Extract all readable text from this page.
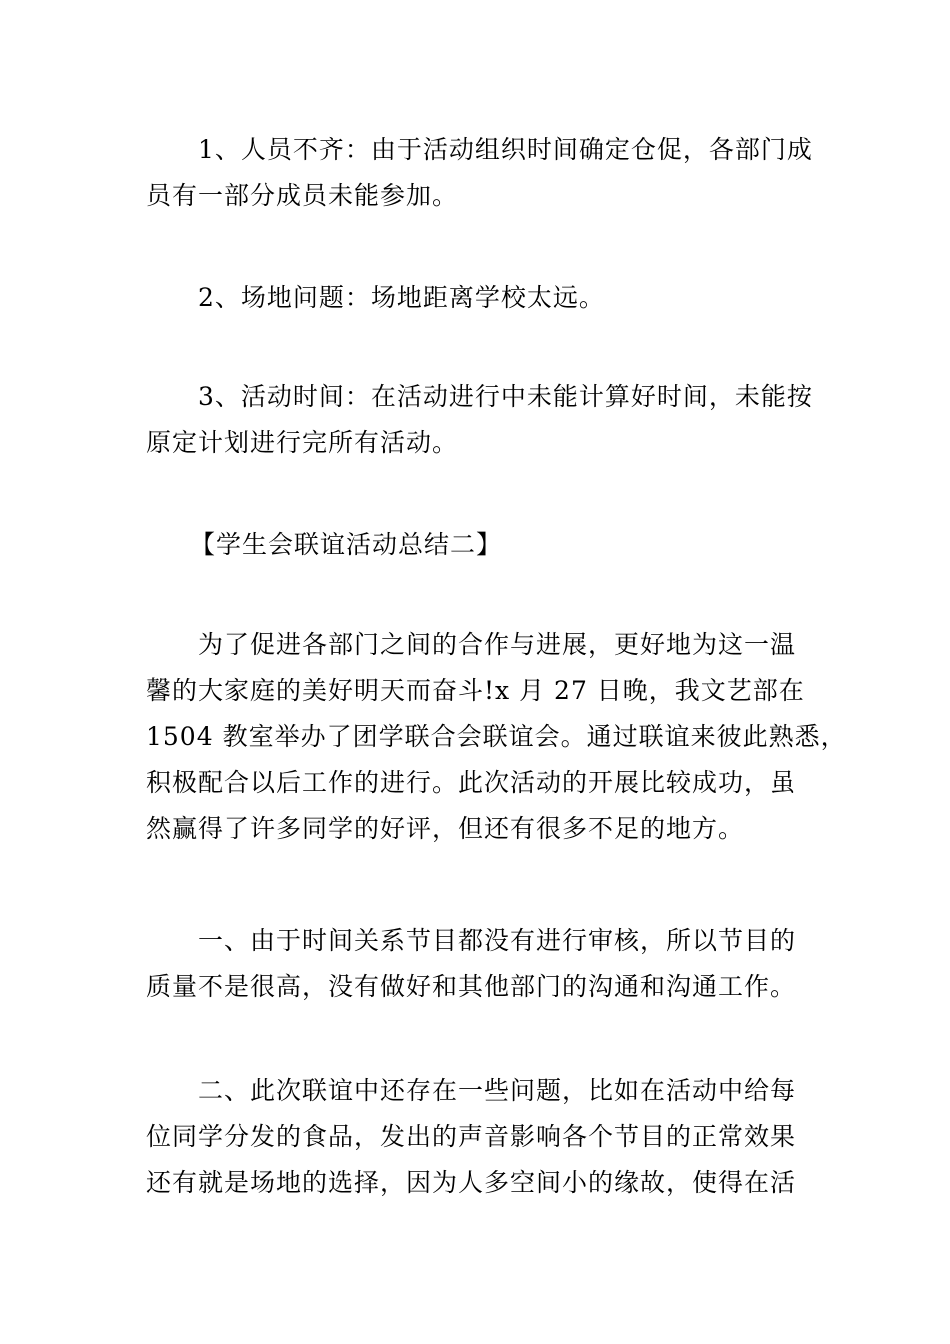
1、人员不齐：由于活动组织时间确定仓促，各部门成
员有一部分成员未能参加。
2、场地问题：场地距离学校太远。
3、活动时间：在活动进行中未能计算好时间，未能按
原定计划进行完所有活动。
【学生会联谊活动总结二】
为了促进各部门之间的合作与进展，更好地为这一温
馨的大家庭的美好明天而奋斗!x 月 27 日晚，我文艺部在
1504 教室举办了团学联合会联谊会。通过联谊来彼此熟悉，
积极配合以后工作的进行。此次活动的开展比较成功，虽
然赢得了许多同学的好评，但还有很多不足的地方。
一、由于时间关系节目都没有进行审核，所以节目的
质量不是很高，没有做好和其他部门的沟通和沟通工作。
二、此次联谊中还存在一些问题，比如在活动中给每
位同学分发的食品，发出的声音影响各个节目的正常效果
还有就是场地的选择，因为人多空间小的缘故，使得在活
